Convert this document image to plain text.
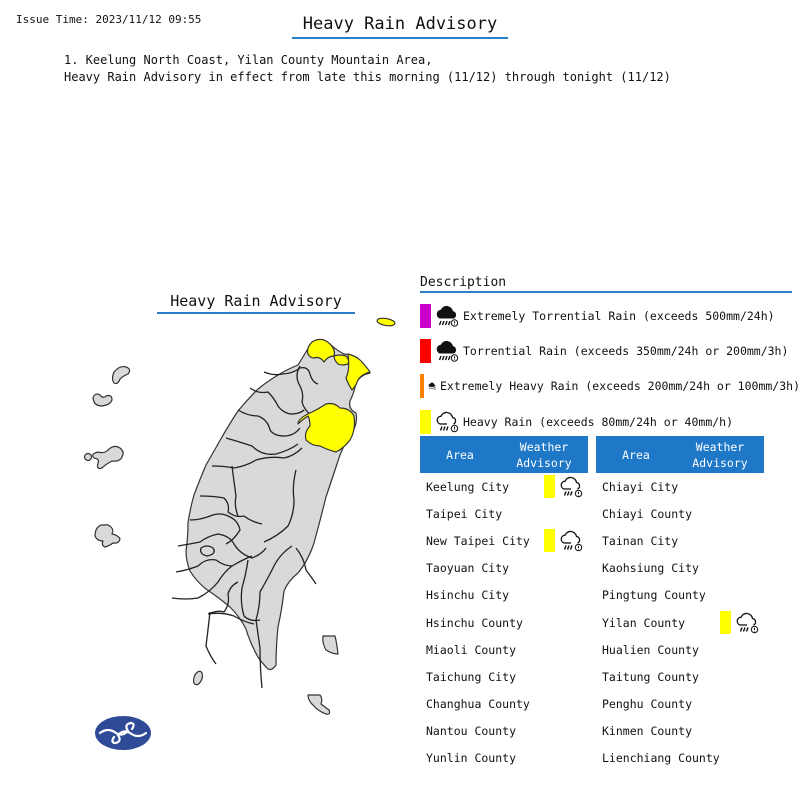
Issue Time: 2023/11/12 09:55	Heavy Rain Advisory
1. Keelung North Coast, Yilan County Mountain Area,
Heavy Rain Advisory in effect from late this morning (11/12) through tonight (11/12)
Heavy Rain Advisory
Description
Extremely Torrential Rain (exceeds 500mm/24h)
Torrential Rain (exceeds 350mm/24h or 200mm/3h)
Extremely Heavy Rain (exceeds 200mm/24h or 100mm/3h)
Heavy Rain (exceeds 80mm/24h or 40mm/h)
Area
Weather
Advisory
Keelung City
Taipei City
New Taipei City
Taoyuan City
Hsinchu City
Hsinchu County
Miaoli County
Taichung City
Changhua County
Nantou County
Yunlin County
Area
Weather
Advisory
Chiayi City
Chiayi County
Tainan City
Kaohsiung City
Pingtung County
Yilan County
Hualien County
Taitung County
Penghu County
Kinmen County
Lienchiang County
